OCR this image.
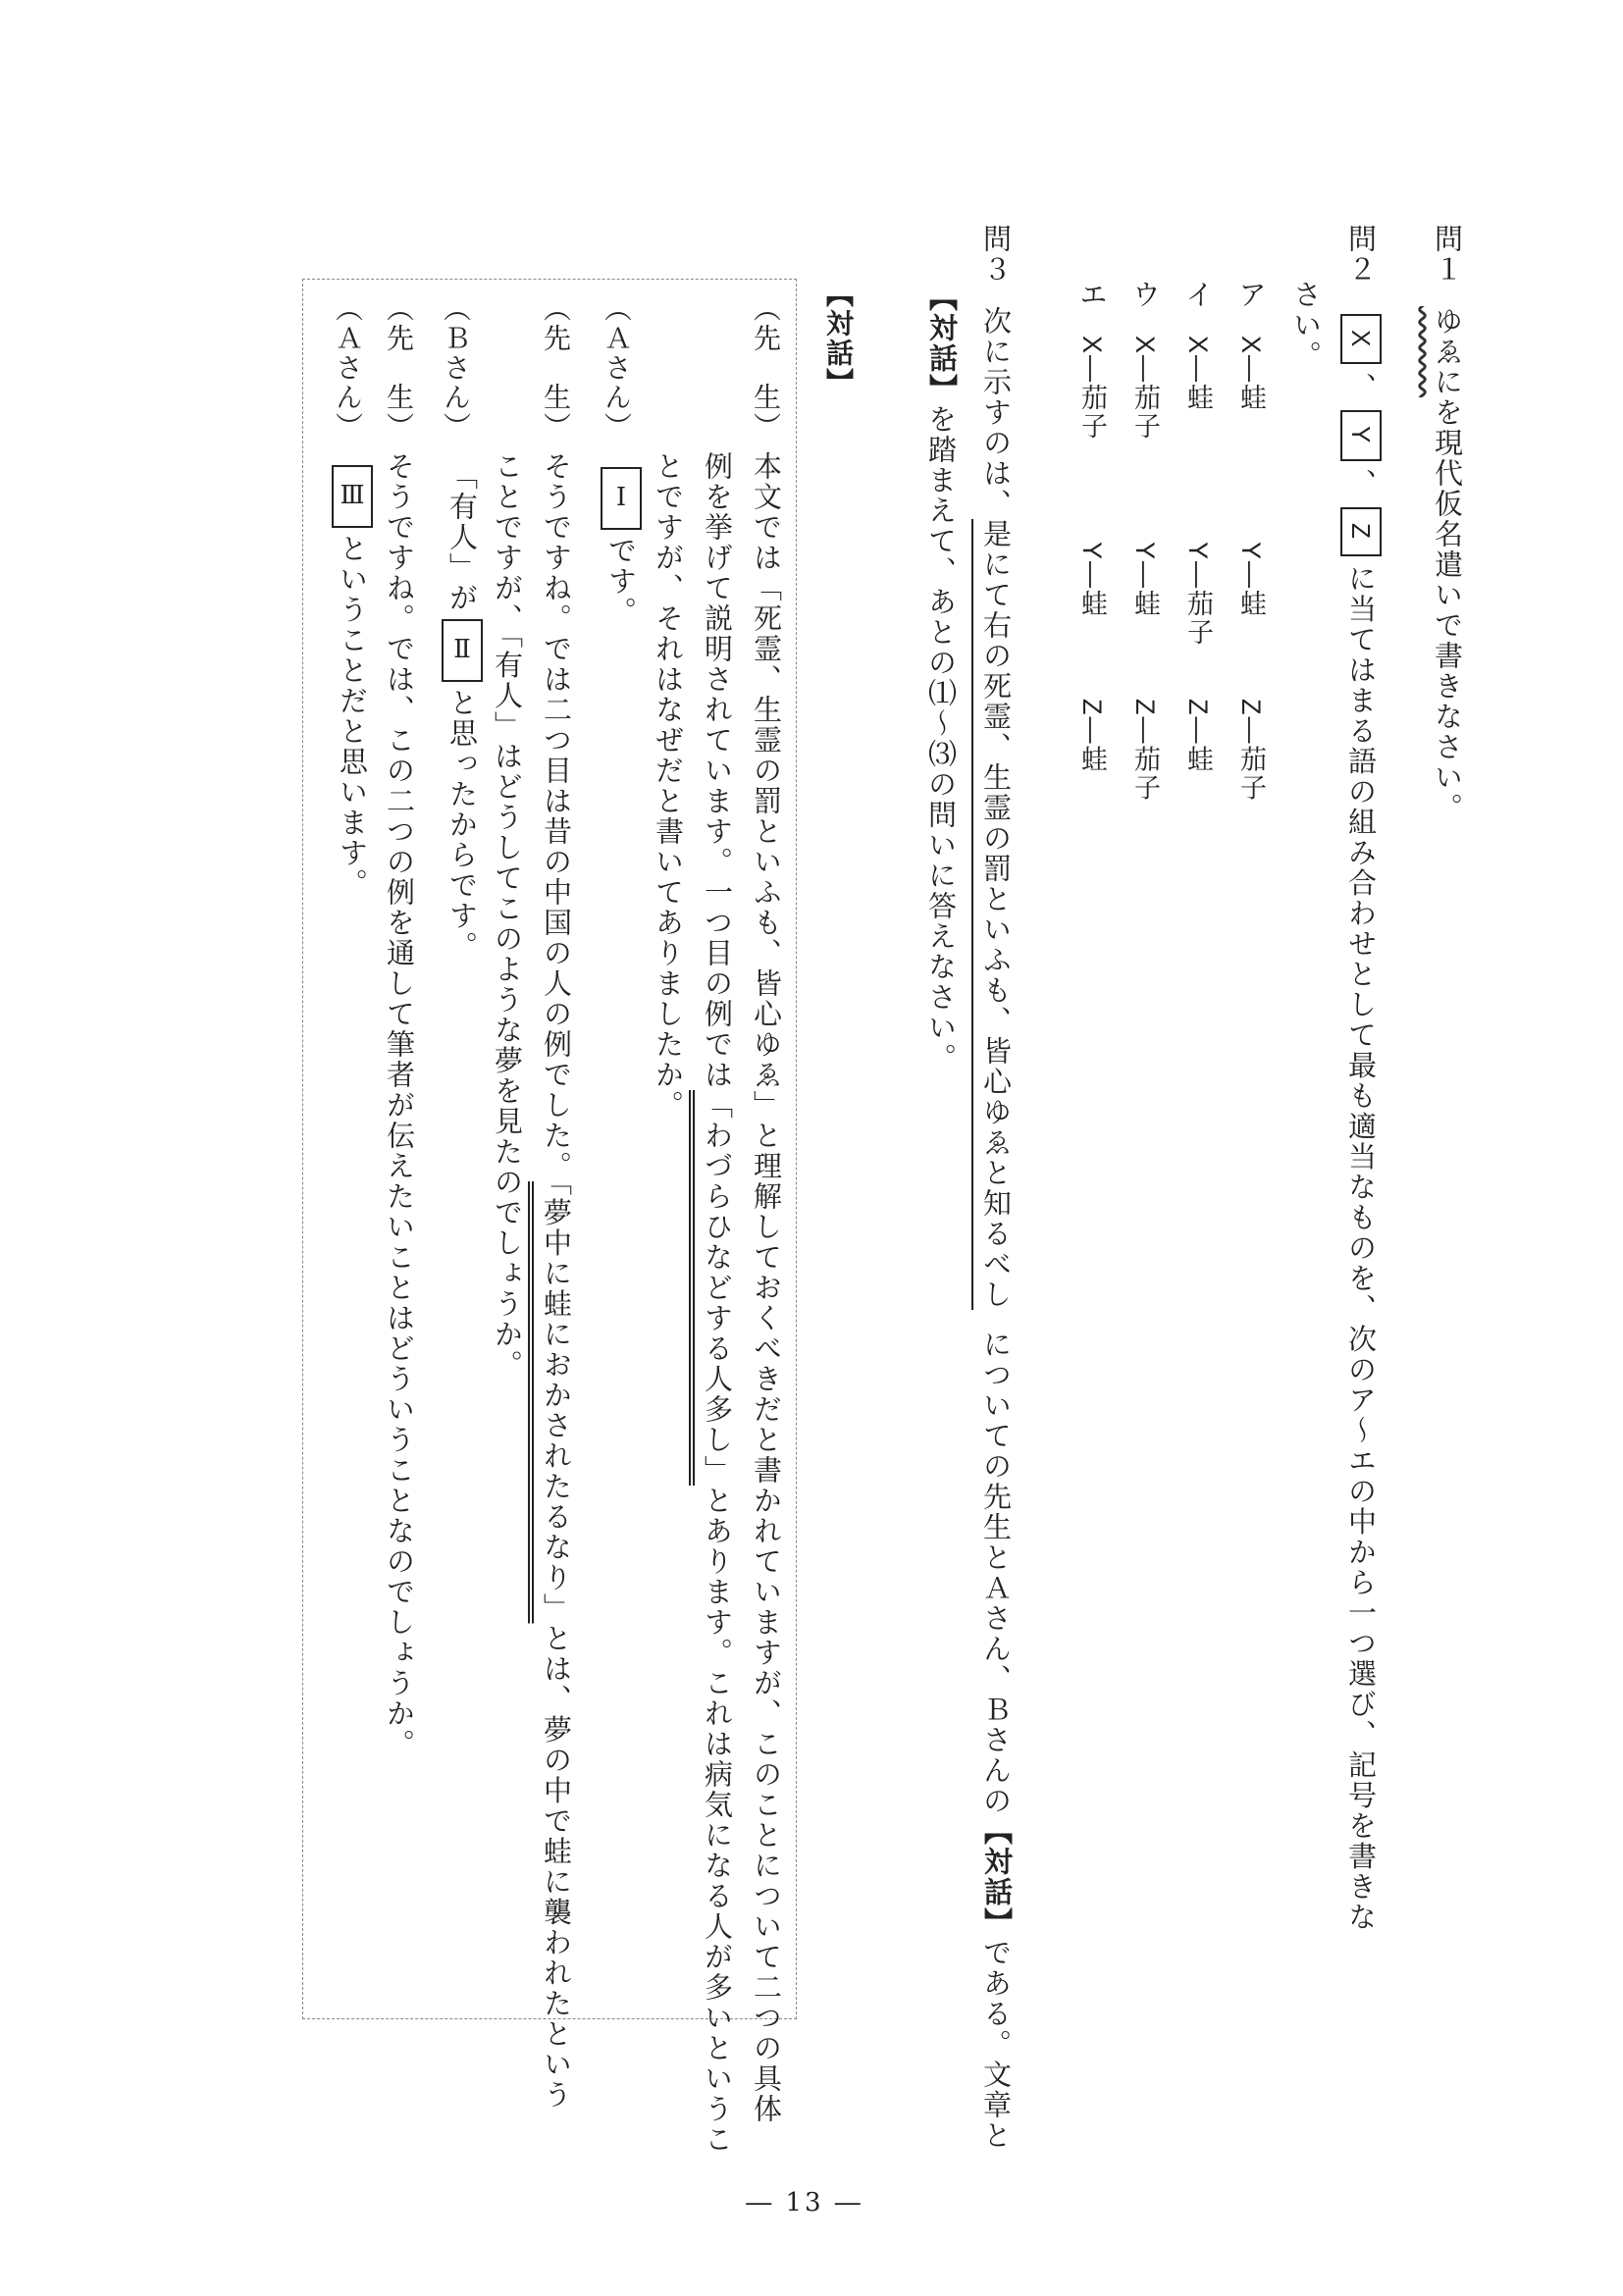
問１ゆゑにを現代仮名遣いで書きなさい。
問２X、Y、Zに当てはまる語の組み合わせとして最も適当なものを、次のア〜エの中から一つ選び、記号を書きな
さい。
アX―蛙Y―蛙Z―茄子
イX―蛙Y―茄子Z―蛙
ウX―茄子Y―蛙Z―茄子
エX―茄子Y―蛙Z―蛙
問３次に示すのは、是にて右の死霊、生霊の罰といふも、皆心ゆゑと知るべしについての先生とＡさん、Ｂさんの【対話】である。文章と
【対話】を踏まえて、あとの⑴〜⑶の問いに答えなさい。
【対話】
（先　生）
本文では「死霊、生霊の罰といふも、皆心ゆゑ」と理解しておくべきだと書かれていますが、このことについて二つの具体
例を挙げて説明されています。一つ目の例では「わづらひなどする人多し」とあります。これは病気になる人が多いというこ
とですが、それはなぜだと書いてありましたか。
（Ａさん）
Ⅰです。
（先　生）
そうですね。では二つ目は昔の中国の人の例でした。「夢中に蛙におかされたるなり」とは、夢の中で蛙に襲われたという
ことですが、「有人」はどうしてこのような夢を見たのでしょうか。
（Ｂさん）
「有人」がⅡと思ったからです。
（先　生）
そうですね。では、この二つの例を通して筆者が伝えたいことはどういうことなのでしょうか。
（Ａさん）
Ⅲということだと思います。
― 13 ―
